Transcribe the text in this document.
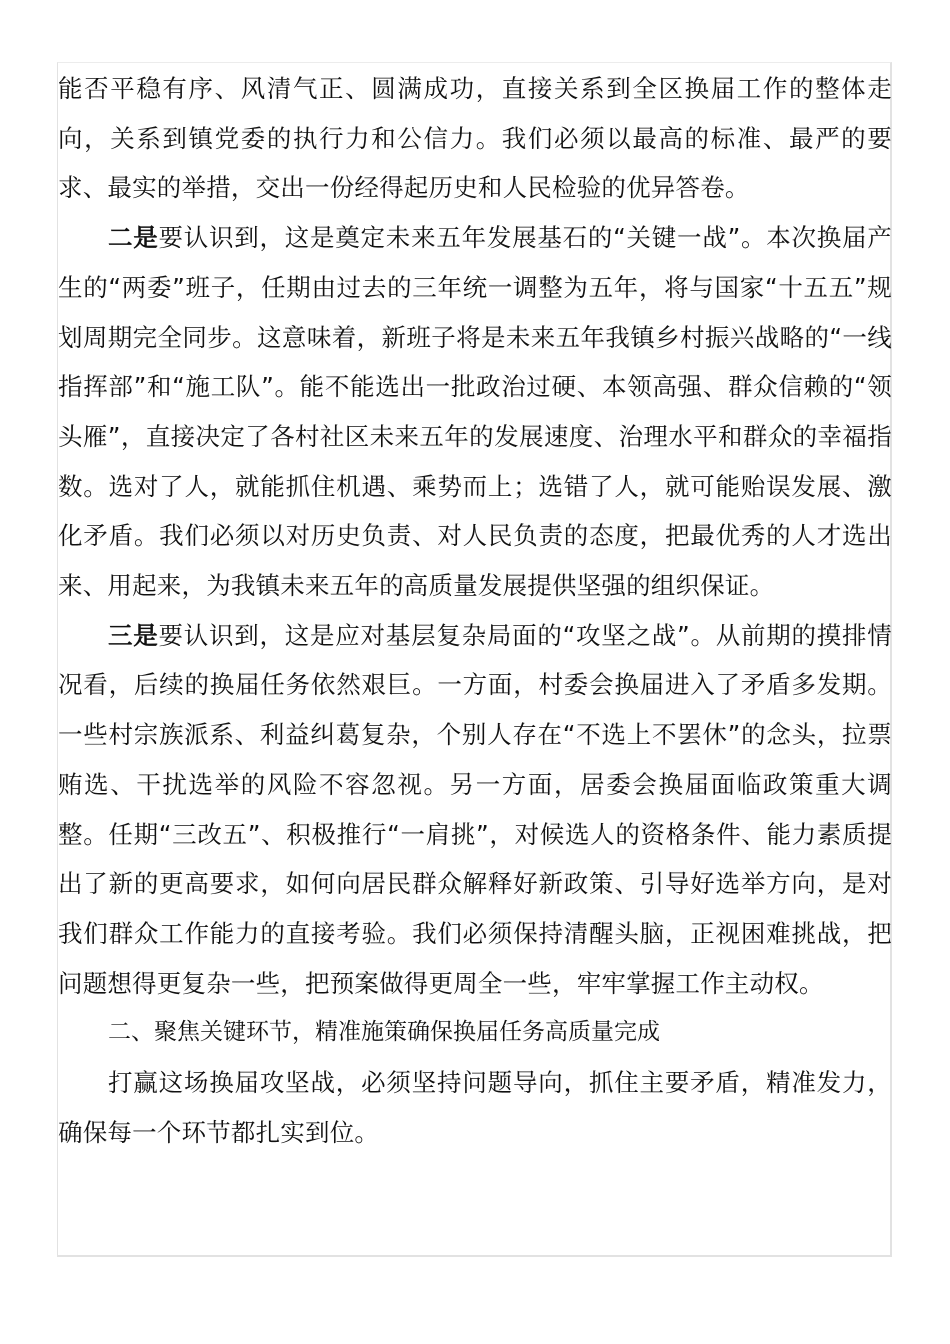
能否平稳有序、风清气正、圆满成功，直接关系到全区换届工作的整体走向，关系到镇党委的执行力和公信力。我们必须以最高的标准、最严的要求、最实的举措，交出一份经得起历史和人民检验的优异答卷。

二是要认识到，这是奠定未来五年发展基石的“关键一战”。本次换届产生的“两委”班子，任期由过去的三年统一调整为五年，将与国家“十五五”规划周期完全同步。这意味着，新班子将是未来五年我镇乡村振兴战略的“一线指挥部”和“施工队”。能不能选出一批政治过硬、本领高强、群众信赖的“领头雁”，直接决定了各村社区未来五年的发展速度、治理水平和群众的幸福指数。选对了人，就能抓住机遇、乘势而上；选错了人，就可能贻误发展、激化矛盾。我们必须以对历史负责、对人民负责的态度，把最优秀的人才选出来、用起来，为我镇未来五年的高质量发展提供坚强的组织保证。

三是要认识到，这是应对基层复杂局面的“攻坚之战”。从前期的摸排情况看，后续的换届任务依然艰巨。一方面，村委会换届进入了矛盾多发期。一些村宗族派系、利益纠葛复杂，个别人存在“不选上不罢休”的念头，拉票贿选、干扰选举的风险不容忽视。另一方面，居委会换届面临政策重大调整。任期“三改五”、积极推行“一肩挑”，对候选人的资格条件、能力素质提出了新的更高要求，如何向居民群众解释好新政策、引导好选举方向，是对我们群众工作能力的直接考验。我们必须保持清醒头脑，正视困难挑战，把问题想得更复杂一些，把预案做得更周全一些，牢牢掌握工作主动权。

二、聚焦关键环节，精准施策确保换届任务高质量完成

打赢这场换届攻坚战，必须坚持问题导向，抓住主要矛盾，精准发力，确保每一个环节都扎实到位。
